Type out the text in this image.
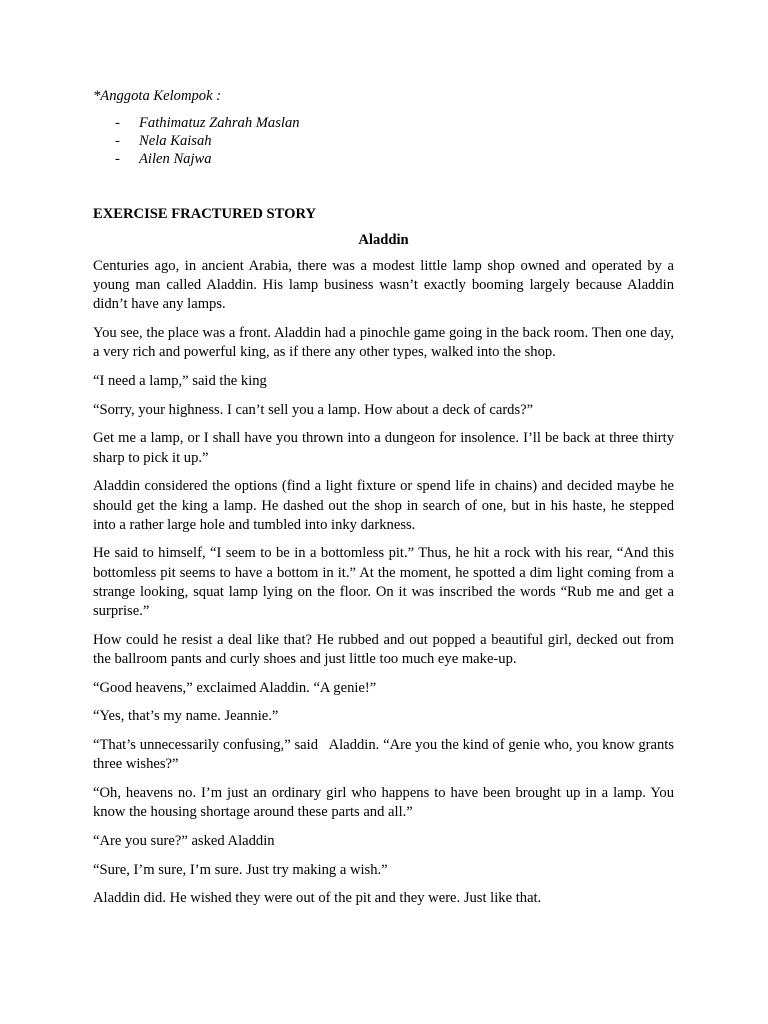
*Anggota Kelompok :

- Fathimatuz Zahrah Maslan
- Nela Kaisah
- Ailen Najwa

EXERCISE FRACTURED STORY

Aladdin

Centuries ago, in ancient Arabia, there was a modest little lamp shop owned and operated by a young man called Aladdin. His lamp business wasn’t exactly booming largely because Aladdin didn’t have any lamps.

You see, the place was a front. Aladdin had a pinochle game going in the back room. Then one day, a very rich and powerful king, as if there any other types, walked into the shop.

“I need a lamp,” said the king

“Sorry, your highness. I can’t sell you a lamp. How about a deck of cards?”

Get me a lamp, or I shall have you thrown into a dungeon for insolence. I’ll be back at three thirty sharp to pick it up.”

Aladdin considered the options (find a light fixture or spend life in chains) and decided maybe he should get the king a lamp. He dashed out the shop in search of one, but in his haste, he stepped into a rather large hole and tumbled into inky darkness.

He said to himself, “I seem to be in a bottomless pit.” Thus, he hit a rock with his rear, “And this bottomless pit seems to have a bottom in it.” At the moment, he spotted a dim light coming from a strange looking, squat lamp lying on the floor. On it was inscribed the words “Rub me and get a surprise.”

How could he resist a deal like that? He rubbed and out popped a beautiful girl, decked out from the ballroom pants and curly shoes and just little too much eye make-up.

“Good heavens,” exclaimed Aladdin. “A genie!”

“Yes, that’s my name. Jeannie.”

“That’s unnecessarily confusing,” said   Aladdin. “Are you the kind of genie who, you know grants three wishes?”

“Oh, heavens no. I’m just an ordinary girl who happens to have been brought up in a lamp. You know the housing shortage around these parts and all.”

“Are you sure?” asked Aladdin

“Sure, I’m sure, I’m sure. Just try making a wish.”

Aladdin did. He wished they were out of the pit and they were. Just like that.
